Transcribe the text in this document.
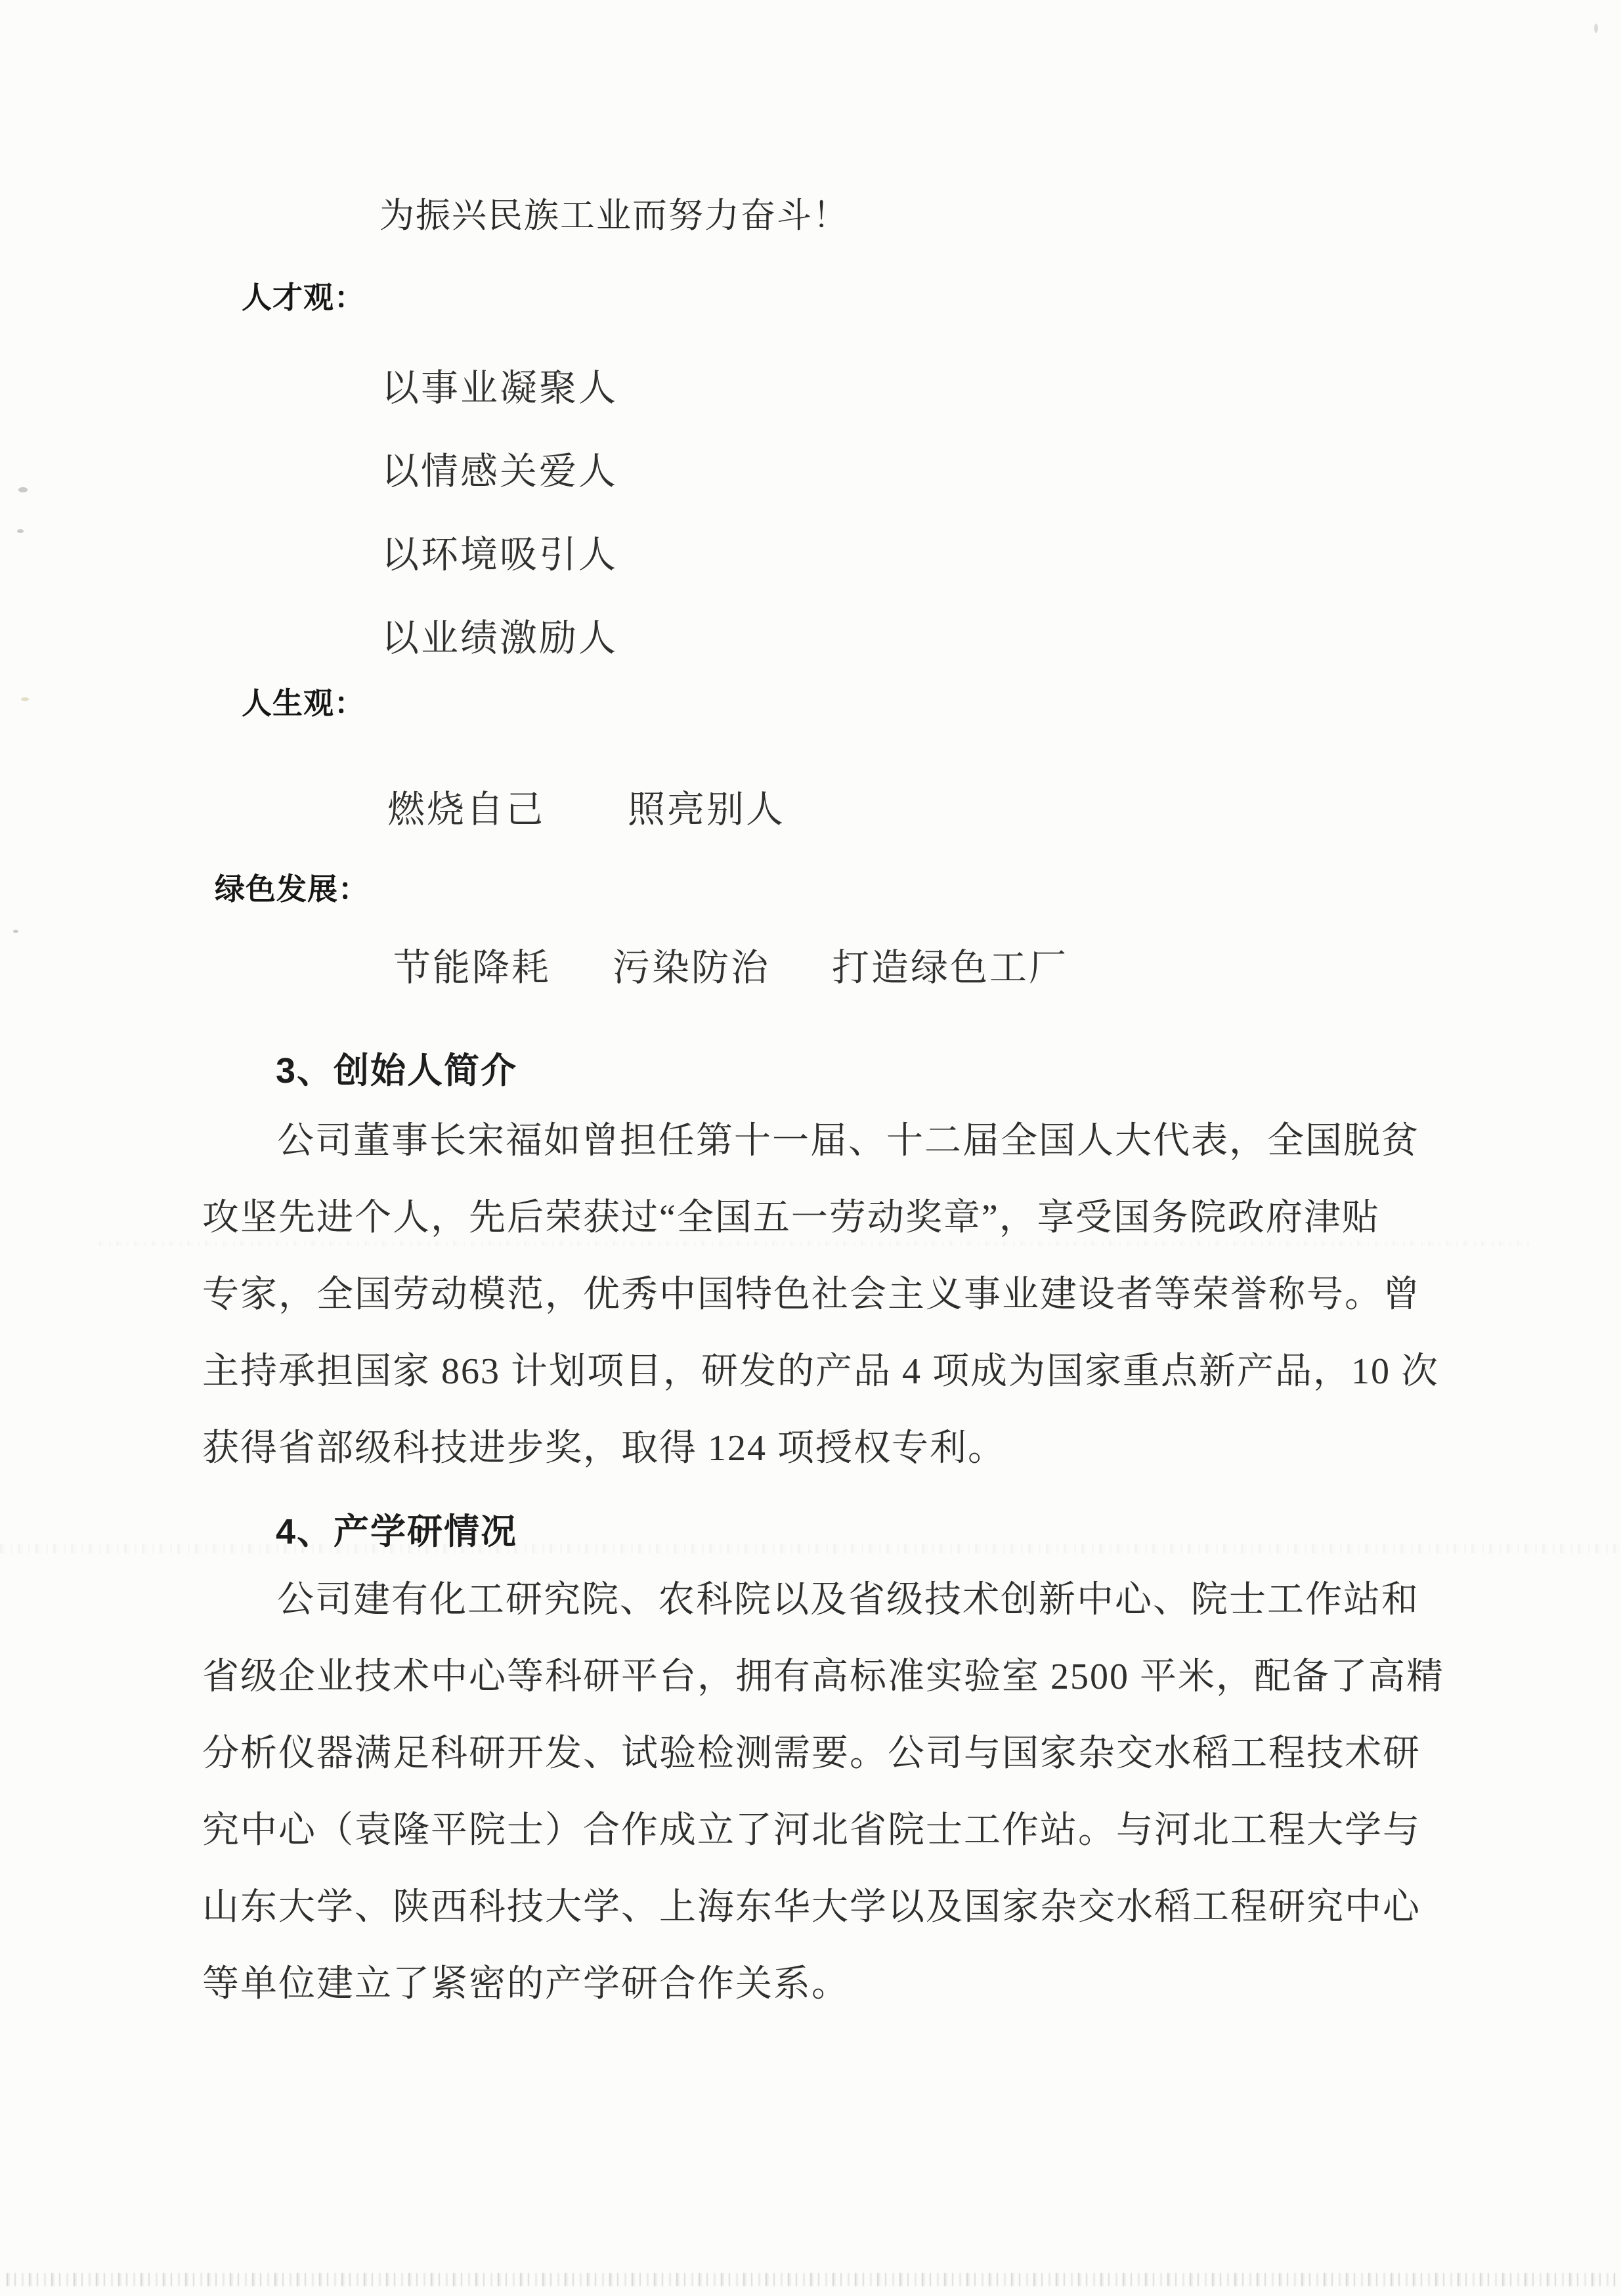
为振兴民族工业而努力奋斗！
人才观：
以事业凝聚人
以情感关爱人
以环境吸引人
以业绩激励人
人生观：
燃烧自己 照亮别人
绿色发展：
节能降耗 污染防治 打造绿色工厂
3、创始人简介
公司董事长宋福如曾担任第十一届、十二届全国人大代表，全国脱贫
攻坚先进个人，先后荣获过“全国五一劳动奖章”，享受国务院政府津贴
专家，全国劳动模范，优秀中国特色社会主义事业建设者等荣誉称号。曾
主持承担国家 863 计划项目，研发的产品 4 项成为国家重点新产品，10 次
获得省部级科技进步奖，取得 124 项授权专利。
4、产学研情况
公司建有化工研究院、农科院以及省级技术创新中心、院士工作站和
省级企业技术中心等科研平台，拥有高标准实验室 2500 平米，配备了高精
分析仪器满足科研开发、试验检测需要。公司与国家杂交水稻工程技术研
究中心（袁隆平院士）合作成立了河北省院士工作站。与河北工程大学与
山东大学、陕西科技大学、上海东华大学以及国家杂交水稻工程研究中心
等单位建立了紧密的产学研合作关系。
